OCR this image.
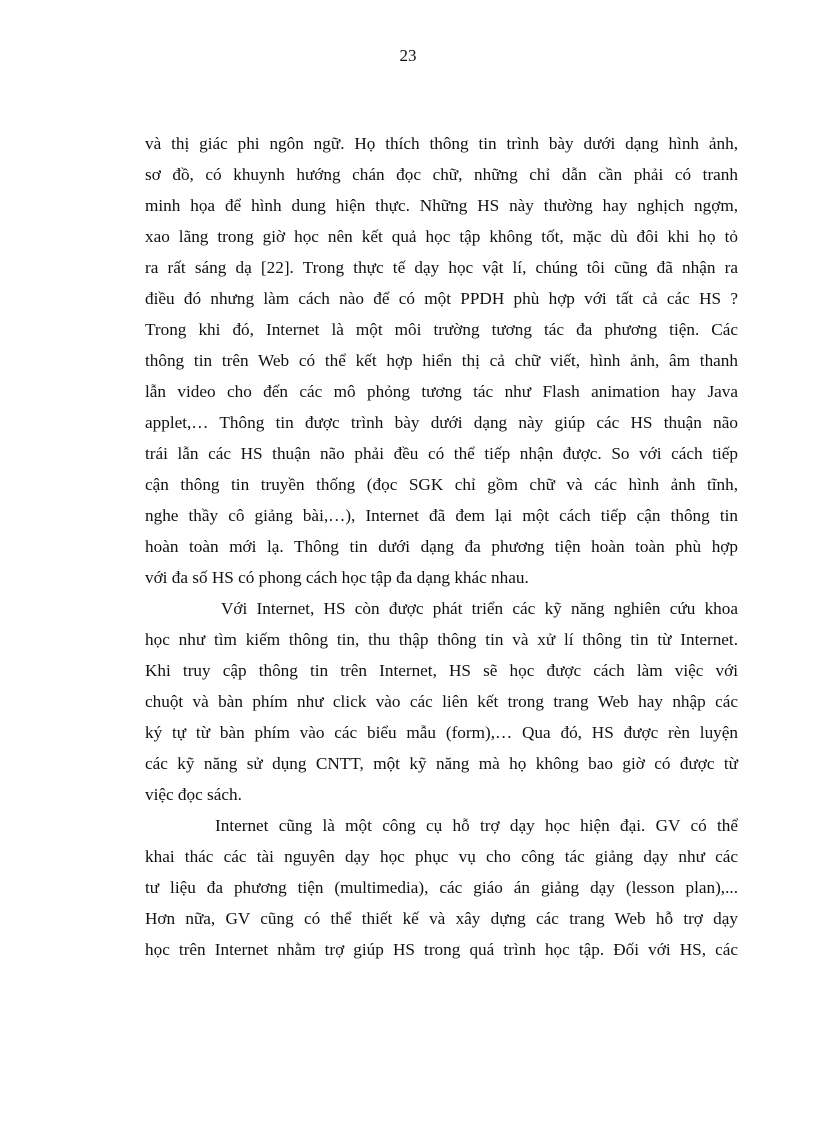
23
và thị giác phi ngôn ngữ. Họ thích thông tin trình bày dưới dạng hình ảnh,
sơ đồ, có khuynh hướng chán đọc chữ, những chỉ dẫn cần phải có tranh
minh họa để hình dung hiện thực. Những HS này thường hay nghịch ngợm,
xao lãng trong giờ học nên kết quả học tập không tốt, mặc dù đôi khi họ tỏ
ra rất sáng dạ [22]. Trong thực tế dạy học vật lí, chúng tôi cũng đã nhận ra
điều đó nhưng làm cách nào để có một PPDH phù hợp với tất cả các HS ?
Trong khi đó, Internet là một môi trường tương tác đa phương tiện. Các
thông tin trên Web có thể kết hợp hiển thị cả chữ viết, hình ảnh, âm thanh
lẫn video cho đến các mô phỏng tương tác như Flash animation hay Java
applet,… Thông tin được trình bày dưới dạng này giúp các HS thuận não
trái lẫn các HS thuận não phải đều có thể tiếp nhận được. So với cách tiếp
cận thông tin truyền thống (đọc SGK chỉ gồm chữ và các hình ảnh tĩnh,
nghe thầy cô giảng bài,…), Internet đã đem lại một cách tiếp cận thông tin
hoàn toàn mới lạ. Thông tin dưới dạng đa phương tiện hoàn toàn phù hợp
với đa số HS có phong cách học tập đa dạng khác nhau.
Với Internet, HS còn được phát triển các kỹ năng nghiên cứu khoa
học như tìm kiếm thông tin, thu thập thông tin và xử lí thông tin từ Internet.
Khi truy cập thông tin trên Internet, HS sẽ học được cách làm việc với
chuột và bàn phím như click vào các liên kết trong trang Web hay nhập các
ký tự từ bàn phím vào các biểu mẫu (form),… Qua đó, HS được rèn luyện
các kỹ năng sử dụng CNTT, một kỹ năng mà họ không bao giờ có được từ
việc đọc sách.
Internet cũng là một công cụ hỗ trợ dạy học hiện đại. GV có thể
khai thác các tài nguyên dạy học phục vụ cho công tác giảng dạy như các
tư liệu đa phương tiện (multimedia), các giáo án giảng dạy (lesson plan),...
Hơn nữa, GV cũng có thể thiết kế và xây dựng các trang Web hỗ trợ dạy
học trên Internet nhằm trợ giúp HS trong quá trình học tập. Đối với HS, các
